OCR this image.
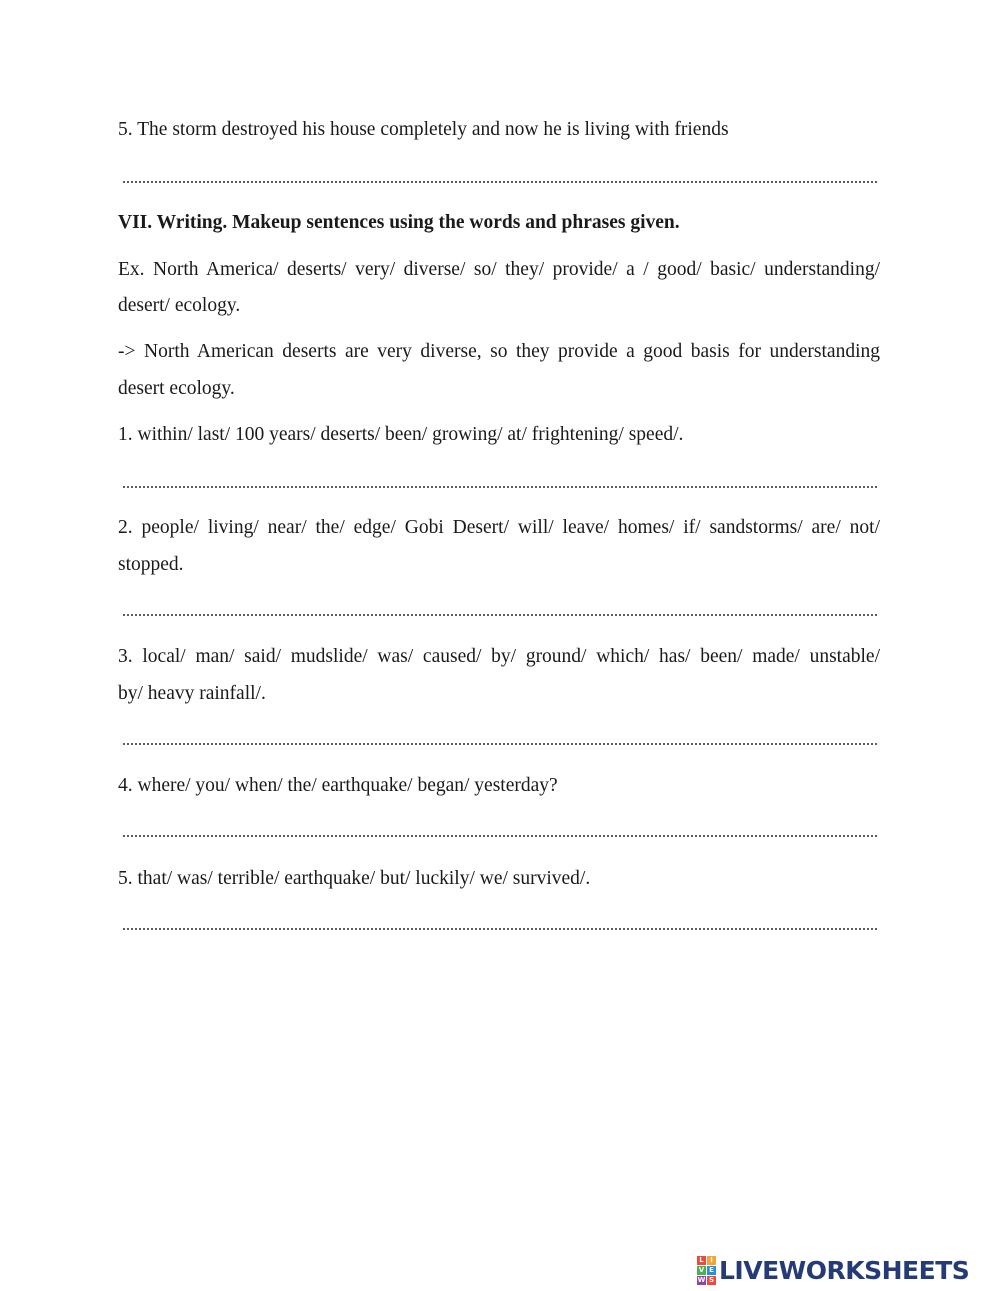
5. The storm destroyed his house completely and now he is living with friends
VII. Writing. Makeup sentences using the words and phrases given.
Ex. North America/ deserts/ very/ diverse/ so/ they/ provide/ a / good/ basic/ understanding/
desert/ ecology.
-> North American deserts are very diverse, so they provide a good basis for understanding
desert ecology.
1. within/ last/ 100 years/ deserts/ been/ growing/ at/ frightening/ speed/.
2. people/ living/ near/ the/ edge/ Gobi Desert/ will/ leave/ homes/ if/ sandstorms/ are/ not/
stopped.
3. local/ man/ said/ mudslide/ was/ caused/ by/ ground/ which/ has/ been/ made/ unstable/
by/ heavy rainfall/.
4. where/ you/ when/ the/ earthquake/ began/ yesterday?
5. that/ was/ terrible/ earthquake/ but/ luckily/ we/ survived/.
L I
V E
W S LIVEWORKSHEETS
